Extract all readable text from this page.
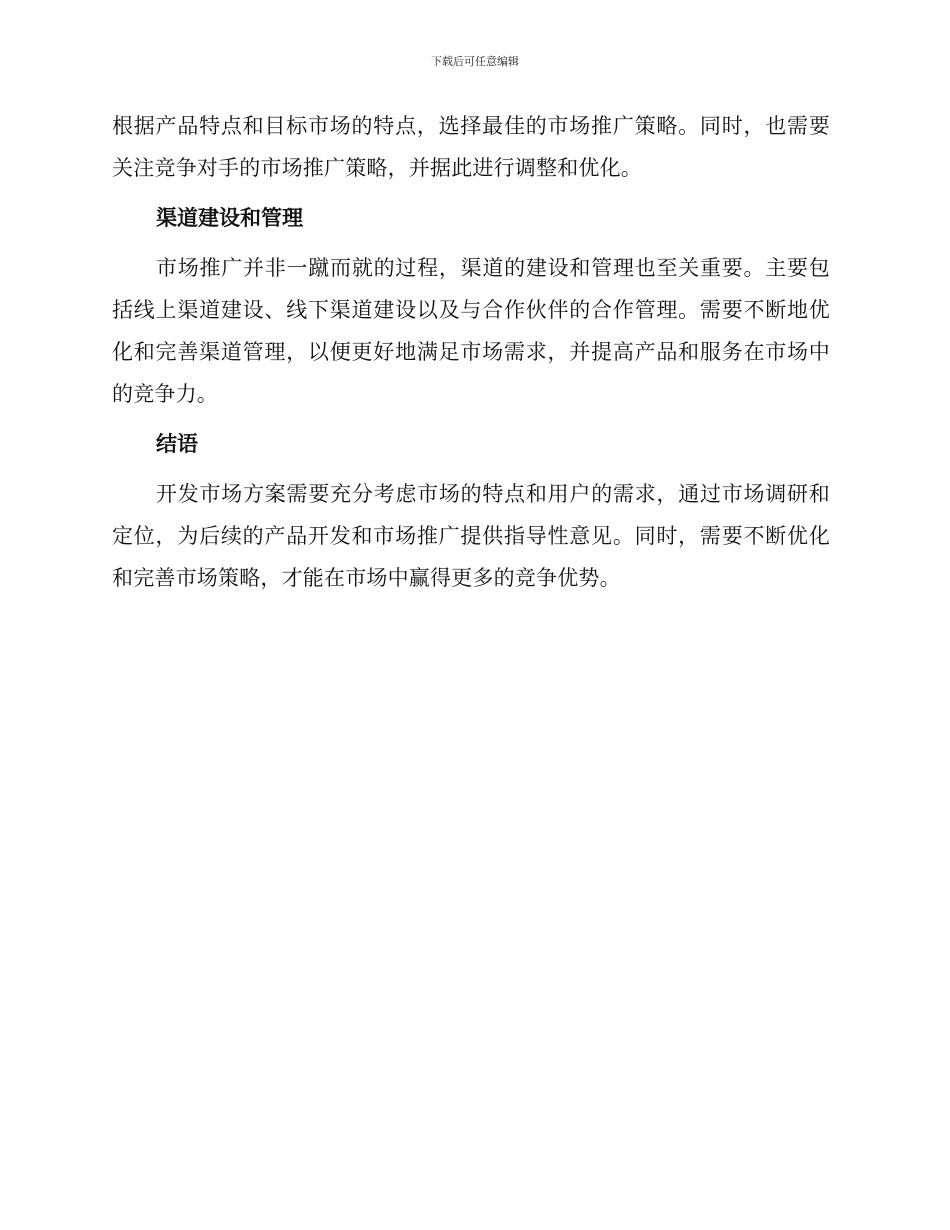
下载后可任意编辑

根据产品特点和目标市场的特点，选择最佳的市场推广策略。同时，也需要关注竞争对手的市场推广策略，并据此进行调整和优化。

渠道建设和管理

市场推广并非一蹴而就的过程，渠道的建设和管理也至关重要。主要包括线上渠道建设、线下渠道建设以及与合作伙伴的合作管理。需要不断地优化和完善渠道管理，以便更好地满足市场需求，并提高产品和服务在市场中的竞争力。

结语

开发市场方案需要充分考虑市场的特点和用户的需求，通过市场调研和定位，为后续的产品开发和市场推广提供指导性意见。同时，需要不断优化和完善市场策略，才能在市场中赢得更多的竞争优势。
